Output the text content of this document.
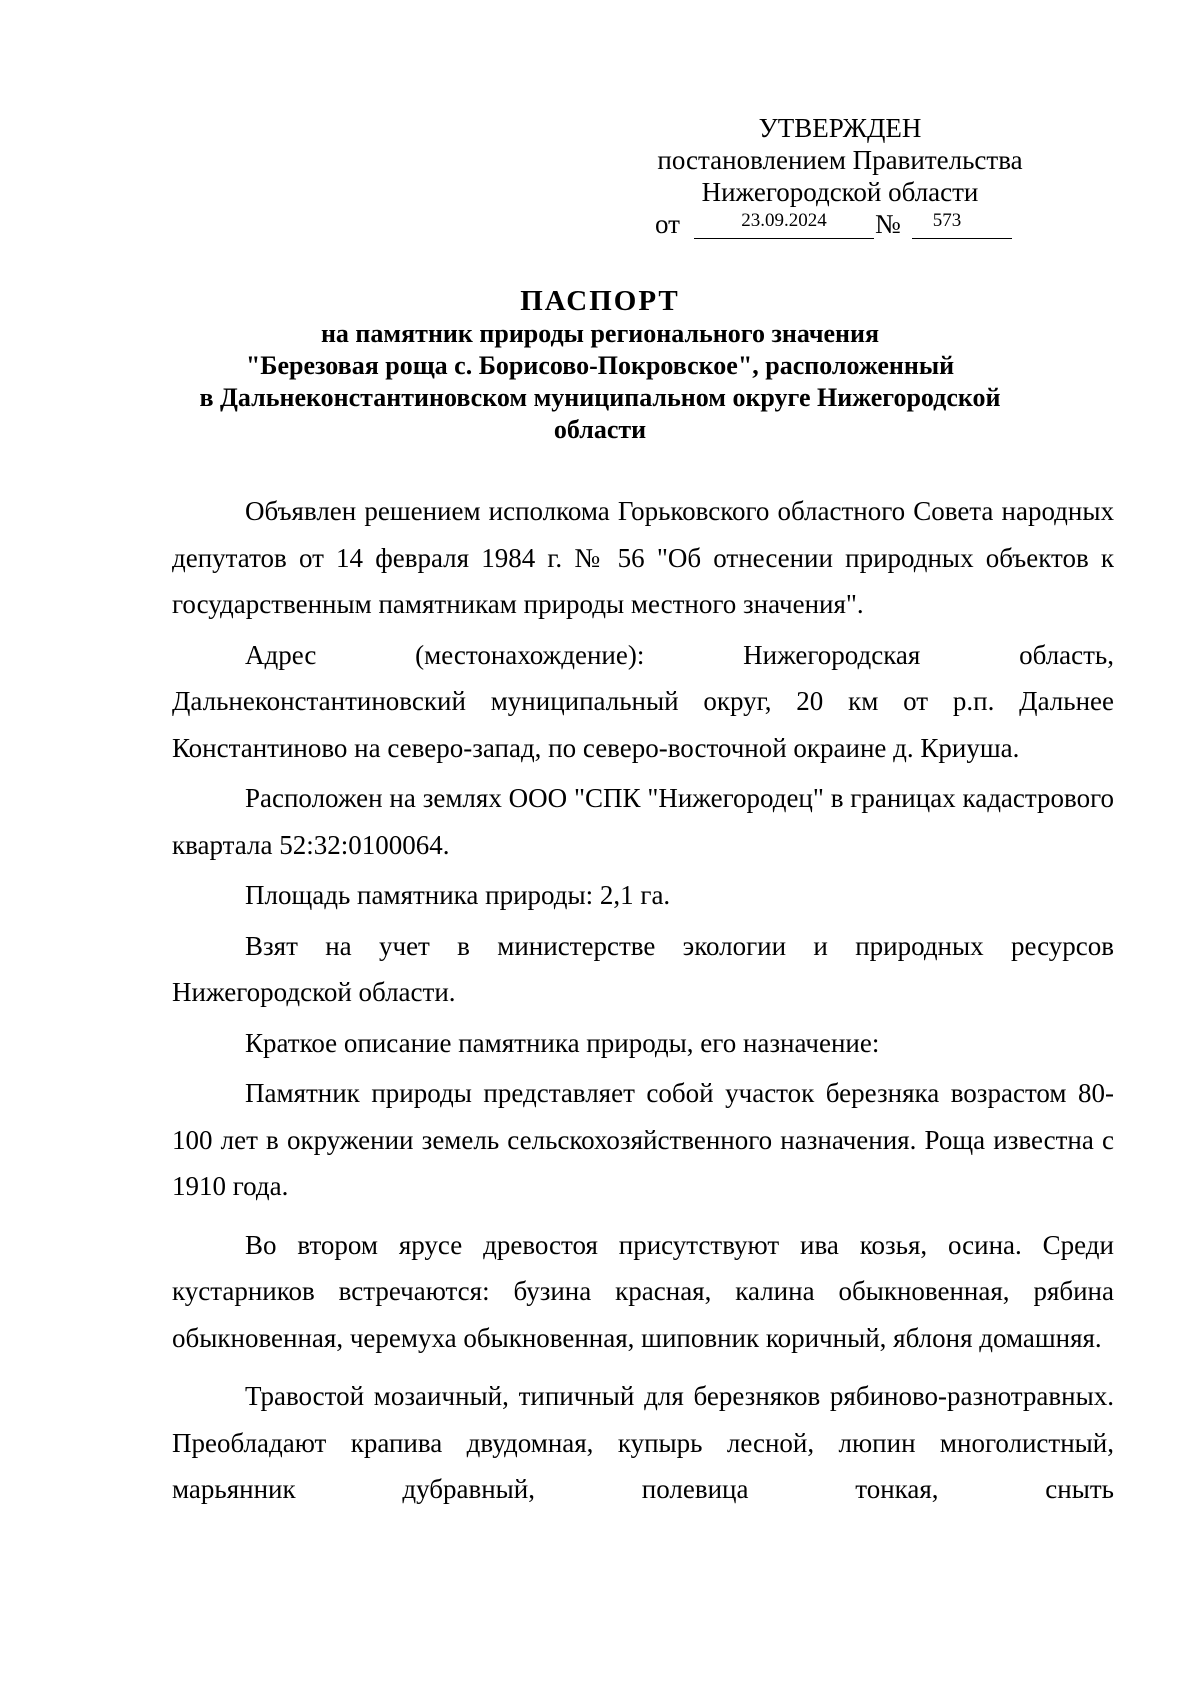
УТВЕРЖДЕН
постановлением Правительства
Нижегородской области
от	23.09.2024	№	573
ПАСПОРТ
на памятник природы регионального значения
"Березовая роща с. Борисово-Покровское", расположенный
в Дальнеконстантиновском муниципальном округе Нижегородской
области

Объявлен решением исполкома Горьковского областного Совета народных депутатов от 14 февраля 1984 г. № 56 "Об отнесении природных объектов к государственным памятникам природы местного значения".

Адрес (местонахождение): Нижегородская область, Дальнеконстантиновский муниципальный округ, 20 км от р.п. Дальнее Константиново на северо-запад, по северо-восточной окраине д. Криуша.

Расположен на землях ООО "СПК "Нижегородец" в границах кадастрового квартала 52:32:0100064.

Площадь памятника природы: 2,1 га.

Взят на учет в министерстве экологии и природных ресурсов Нижегородской области.

Краткое описание памятника природы, его назначение:

Памятник природы представляет собой участок березняка возрастом 80-100 лет в окружении земель сельскохозяйственного назначения. Роща известна с 1910 года.

Во втором ярусе древостоя присутствуют ива козья, осина. Среди кустарников встречаются: бузина красная, калина обыкновенная, рябина обыкновенная, черемуха обыкновенная, шиповник коричный, яблоня домашняя.

Травостой мозаичный, типичный для березняков рябиново-разнотравных. Преобладают крапива двудомная, купырь лесной, люпин многолистный, марьянник дубравный, полевица тонкая, сныть
